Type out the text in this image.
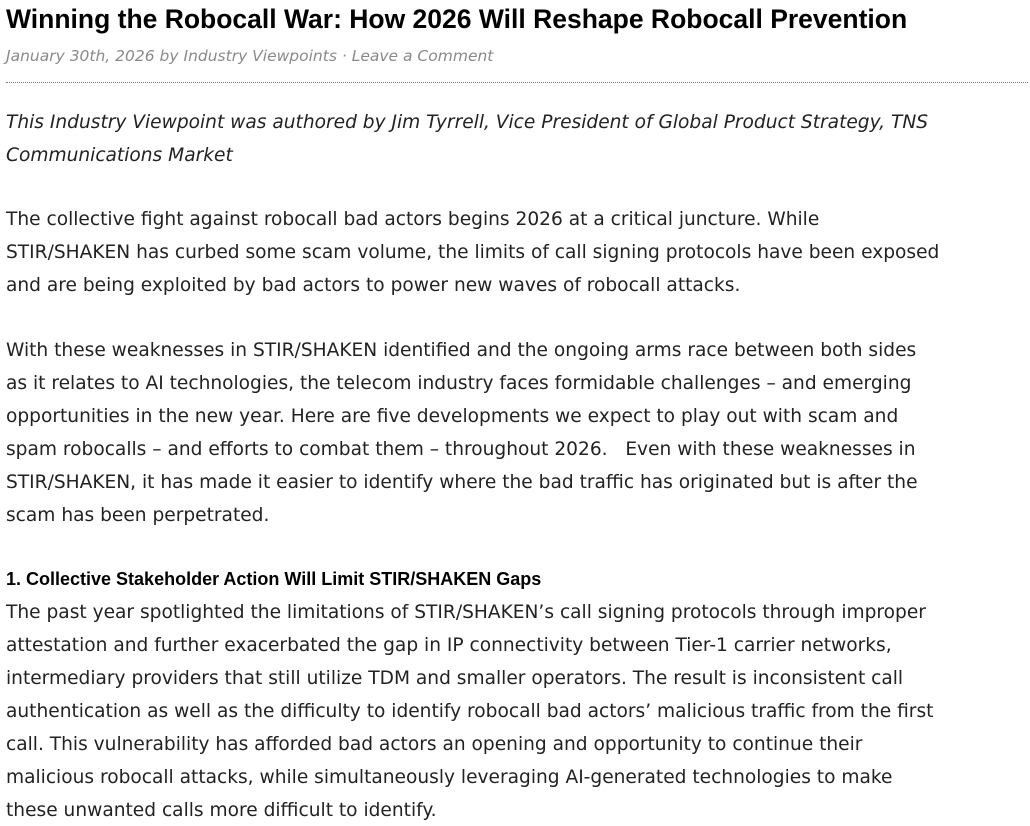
Winning the Robocall War: How 2026 Will Reshape Robocall Prevention
January 30th, 2026 by Industry Viewpoints · Leave a Comment

This Industry Viewpoint was authored by Jim Tyrrell, Vice President of Global Product Strategy, TNS
Communications Market

The collective fight against robocall bad actors begins 2026 at a critical juncture. While
STIR/SHAKEN has curbed some scam volume, the limits of call signing protocols have been exposed
and are being exploited by bad actors to power new waves of robocall attacks.

With these weaknesses in STIR/SHAKEN identified and the ongoing arms race between both sides
as it relates to AI technologies, the telecom industry faces formidable challenges – and emerging
opportunities in the new year. Here are five developments we expect to play out with scam and
spam robocalls – and efforts to combat them – throughout 2026.   Even with these weaknesses in
STIR/SHAKEN, it has made it easier to identify where the bad traffic has originated but is after the
scam has been perpetrated.

1. Collective Stakeholder Action Will Limit STIR/SHAKEN Gaps

The past year spotlighted the limitations of STIR/SHAKEN’s call signing protocols through improper
attestation and further exacerbated the gap in IP connectivity between Tier-1 carrier networks,
intermediary providers that still utilize TDM and smaller operators. The result is inconsistent call
authentication as well as the difficulty to identify robocall bad actors’ malicious traffic from the first
call. This vulnerability has afforded bad actors an opening and opportunity to continue their
malicious robocall attacks, while simultaneously leveraging AI-generated technologies to make
these unwanted calls more difficult to identify.
